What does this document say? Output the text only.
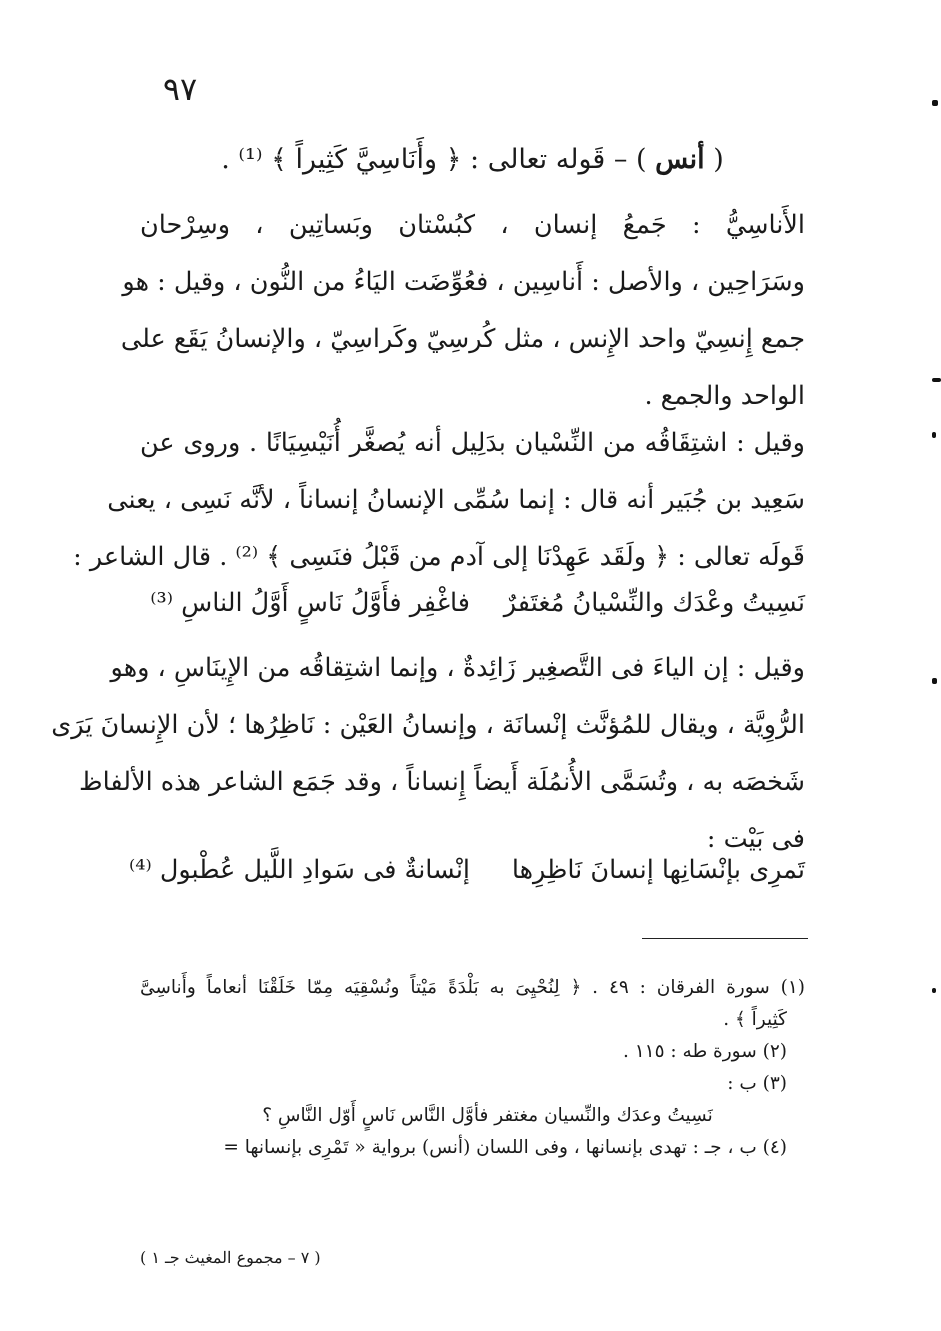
٩٧
( أنس ) – قَوله تعالى : ﴿ وأَنَاسِيَّ كَثِيراً ﴾ ⁽¹⁾ .
الأَناسِيُّ : جَمعُ إنسان ، كبُسْتان وبَساتِين ، وسِرْحان
وسَرَاحِين ، والأصل : أَناسِين ، فعُوِّضَت اليَاءُ من النُّون ، وقيل : هو
جمع إِنسِيّ واحد الإِنس ، مثل كُرسِيّ وكَراسِيّ ، والإنسانُ يَقَع على
الواحد والجمع .
وقيل : اشتِقَاقُه من النِّسْيان بدَلِيل أنه يُصغَّر أُنَيْسِيَانًا . وروى عن
سَعِيد بن جُبَير أنه قال : إنما سُمِّى الإنسانُ إنساناً ، لأنَّه نَسِى ، يعنى
قَولَه تعالى : ﴿ ولَقَد عَهِدْنَا إلى آدم من قَبْلُ فنَسِى ﴾ ⁽²⁾ . قال الشاعر :
نَسِيتُ وعْدَك والنِّسْيانُ مُغتَفرٌ
فاغْفِر فأَوَّلُ نَاسٍ أَوَّلُ الناسِ ⁽³⁾
وقيل : إن الياءَ فى التَّصغِير زَائِدةٌ ، وإنما اشتِقاقُه من الإِينَاسِ ، وهو
الرُّوِيَّة ، ويقال للمُؤنَّث إنْسانَة ، وإنسانُ العَيْن : نَاظِرُها ؛ لأن الإِنسانَ يَرَى
شَخصَه به ، وتُسَمَّى الأُنمُلَة أَيضاً إِنساناً ، وقد جَمَع الشاعر هذه الألفاظ
فى بَيْت :
تَمرِى بإنْسَانِها إنسانَ نَاظِرِها
إنْسانةٌ فى سَوادِ اللَّيل عُطْبول ⁽⁴⁾
(١) سورة الفرقان : ٤٩ . ﴿ لِنُحْيِىَ به بَلْدَةً مَيْتاً ونُسْقِيَه مِمّا خَلَقْنَا أنعاماً وأَناسِىَّ
كَثِيراً ﴾ .
(٢) سورة طه : ١١٥ .
(٣) ب :
نَسِيتُ وعدَك والنِّسيان مغتفر فأوَّل النَّاس نَاسٍ أَوّل النَّاسِ ؟
(٤) ب ، جـ : تهدى بإنسانها ، وفى اللسان (أنس) برواية « تَمْرِى بإنسانها =
( ٧ – مجموع المغيث جـ ١ )
